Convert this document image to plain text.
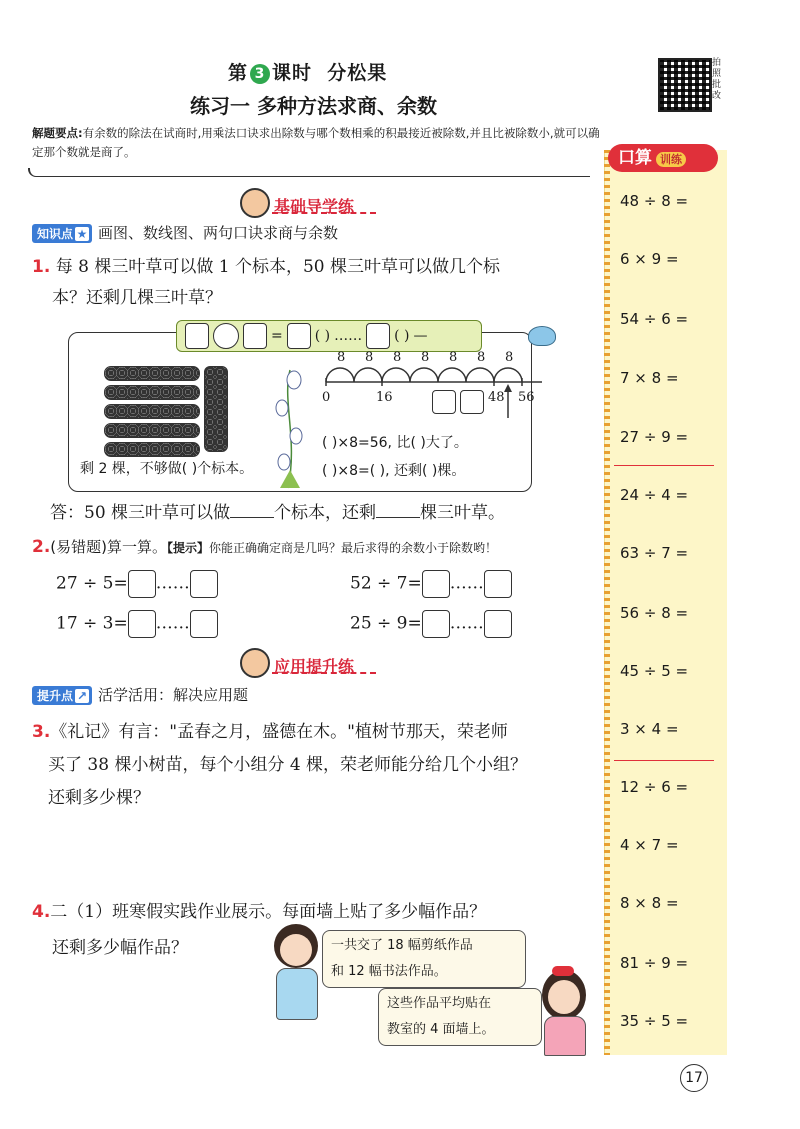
第 3 课时 分松果
练习一 多种方法求商、余数
拍照批改
解题要点:有余数的除法在试商时,用乘法口诀求出除数与哪个数相乘的积最接近被除数,并且比被除数小,就可以确定那个数就是商了。	口算 训练
48 ÷ 8 =
6 × 9 =
54 ÷ 6 =
7 × 8 =
27 ÷ 9 =
24 ÷ 4 =
63 ÷ 7 =
56 ÷ 8 =
45 ÷ 5 =
3 × 4 =
12 ÷ 6 =
4 × 7 =
8 × 8 =
81 ÷ 9 =
35 ÷ 5 =
基础导学练
知识点 ★ 画图、数线图、两句口诀求商与余数
1. 每 8 棵三叶草可以做 1 个标本，50 棵三叶草可以做几个标
本？还剩几棵三叶草？
= ( ) …… ( ) —
8 8 8 8 8 8 8
0	16	48 56
( )×8=56, 比( )大了。
( )×8=( ), 还剩( )棵。
剩 2 棵，不够做( )个标本。
答：50 棵三叶草可以做	个标本，还剩	棵三叶草。
2.(易错题)算一算。【提示】你能正确确定商是几吗？最后求得的余数小于除数哟！
27 ÷ 5= ……	52 ÷ 7= ……
17 ÷ 3= ……	25 ÷ 9= ……
应用提升练
提升点 ↗ 活学活用：解决应用题
3.《礼记》有言："孟春之月，盛德在木。"植树节那天，荣老师
买了 38 棵小树苗，每个小组分 4 棵，荣老师能分给几个小组？
还剩多少棵？
4.二（1）班寒假实践作业展示。每面墙上贴了多少幅作品？
还剩多少幅作品？	一共交了 18 幅剪纸作品
和 12 幅书法作品。
这些作品平均贴在
教室的 4 面墙上。
17
